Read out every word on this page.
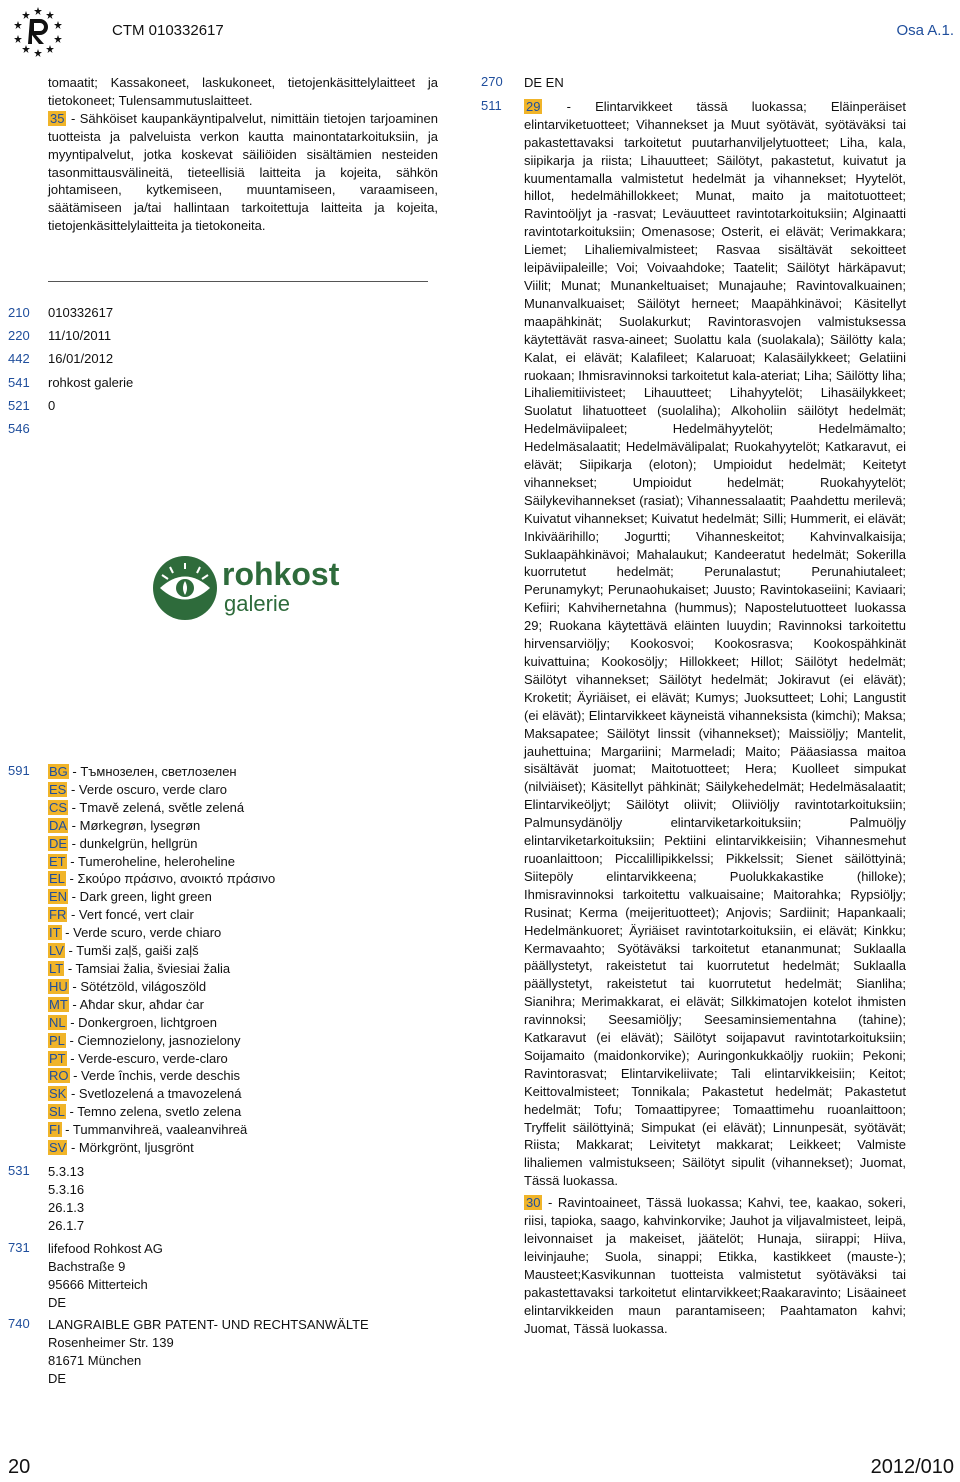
CTM 010332617	Osa A.1.

tomaatit; Kassakoneet, laskukoneet, tietojenkäsittelylaitteet ja tietokoneet; Tulensammutuslaitteet.

35 - Sähköiset kaupankäyntipalvelut, nimittäin tietojen tarjoaminen tuotteista ja palveluista verkon kautta mainontatarkoituksiin, ja myyntipalvelut, jotka koskevat säiliöiden sisältämien nesteiden tasonmittausvälineitä, tieteellisiä laitteita ja kojeita, sähkön johtamiseen, kytkemiseen, muuntamiseen, varaamiseen, säätämiseen ja/tai hallintaan tarkoitettuja laitteita ja kojeita, tietojenkäsittelylaitteita ja tietokoneita.

210 010332617
220 11/10/2011
442 16/01/2012
541 rohkost galerie
521 0
546
rohkost
galerie
591 BG - Тъмнозелен, светлозелен
ES - Verde oscuro, verde claro
CS - Tmavě zelená, světle zelená
DA - Mørkegrøn, lysegrøn
DE - dunkelgrün, hellgrün
ET - Tumeroheline, heleroheline
EL - Σκούρο πράσινο, ανοικτό πράσινο
EN - Dark green, light green
FR - Vert foncé, vert clair
IT - Verde scuro, verde chiaro
LV - Tumši zaļš, gaiši zaļš
LT - Tamsiai žalia, šviesiai žalia
HU - Sötétzöld, világoszöld
MT - Aħdar skur, aħdar ċar
NL - Donkergroen, lichtgroen
PL - Ciemnozielony, jasnozielony
PT - Verde-escuro, verde-claro
RO - Verde închis, verde deschis
SK - Svetlozelená a tmavozelená
SL - Temno zelena, svetlo zelena
FI - Tummanvihreä, vaaleanvihreä
SV - Mörkgrönt, ljusgrönt
531 5.3.13
5.3.16
26.1.3
26.1.7
731 lifefood Rohkost AG
Bachstraße 9
95666 Mitterteich
DE
740 LANGRAIBLE GBR PATENT- UND RECHTSANWÄLTE
Rosenheimer Str. 139
81671 München
DE
270
511

DE EN

29 - Elintarvikkeet tässä luokassa; Eläinperäiset elintarviketuotteet; Vihannekset ja Muut syötävät, syötäväksi tai pakastettavaksi tarkoitetut puutarhanviljelytuotteet; Liha, kala, siipikarja ja riista; Lihauutteet; Säilötyt, pakastetut, kuivatut ja kuumentamalla valmistetut hedelmät ja vihannekset; Hyytelöt, hillot, hedelmähillokkeet; Munat, maito ja maitotuotteet; Ravintoöljyt ja -rasvat; Leväuutteet ravintotarkoituksiin; Alginaatti ravintotarkoituksiin; Omenasose; Osterit, ei elävät; Verimakkara; Liemet; Lihaliemivalmisteet; Rasvaa sisältävät sekoitteet leipäviipaleille; Voi; Voivaahdoke; Taatelit; Säilötyt härkäpavut; Viilit; Munat; Munankeltuaiset; Munajauhe; Ravintovalkuainen; Munanvalkuaiset; Säilötyt herneet; Maapähkinävoi; Käsitellyt maapähkinät; Suolakurkut; Ravintorasvojen valmistuksessa käytettävät rasva-aineet; Suolattu kala (suolakala); Säilötty kala; Kalat, ei elävät; Kalafileet; Kalaruoat; Kalasäilykkeet; Gelatiini ruokaan; Ihmisravinnoksi tarkoitetut kala-ateriat; Liha; Säilötty liha; Lihaliemitiivisteet; Lihauutteet; Lihahyytelöt; Lihasäilykkeet; Suolatut lihatuotteet (suolaliha); Alkoholiin säilötyt hedelmät; Hedelmäviipaleet; Hedelmähyytelöt; Hedelmämalto; Hedelmäsalaatit; Hedelmävälipalat; Ruokahyytelöt; Katkaravut, ei elävät; Siipikarja (eloton); Umpioidut hedelmät; Keitetyt vihannekset; Umpioidut hedelmät; Ruokahyytelöt; Säilykevihannekset (rasiat); Vihannessalaatit; Paahdettu merilevä; Kuivatut vihannekset; Kuivatut hedelmät; Silli; Hummerit, ei elävät; Inkiväärihillo; Jogurtti; Vihanneskeitot; Kahvinvalkaisija; Suklaapähkinävoi; Mahalaukut; Kandeeratut hedelmät; Sokerilla kuorrutetut hedelmät; Perunalastut; Perunahiutaleet; Perunamykyt; Perunaohukaiset; Juusto; Ravintokaseiini; Kaviaari; Kefiiri; Kahvihernetahna (hummus); Napostelutuotteet luokassa 29; Ruokana käytettävä eläinten luuydin; Ravinnoksi tarkoitettu hirvensarviöljy; Kookosvoi; Kookosrasva; Kookospähkinät kuivattuina; Kookosöljy; Hillokkeet; Hillot; Säilötyt hedelmät; Säilötyt vihannekset; Säilötyt hedelmät; Jokiravut (ei elävät); Kroketit; Äyriäiset, ei elävät; Kumys; Juoksutteet; Lohi; Langustit (ei elävät); Elintarvikkeet käyneistä vihanneksista (kimchi); Maksa; Maksapatee; Säilötyt linssit (vihannekset); Maissiöljy; Mantelit, jauhettuina; Margariini; Marmeladi; Maito; Pääasiassa maitoa sisältävät juomat; Maitotuotteet; Hera; Kuolleet simpukat (nilviäiset); Käsitellyt pähkinät; Säilykehedelmät; Hedelmäsalaatit; Elintarvikeöljyt; Säilötyt oliivit; Oliiviöljy ravintotarkoituksiin; Palmunsydänöljy elintarviketarkoituksiin; Palmuöljy elintarviketarkoituksiin; Pektiini elintarvikkeisiin; Vihannesmehut ruoanlaittoon; Piccalillipikkelssi; Pikkelssit; Sienet säilöttyinä; Siitepöly elintarvikkeena; Puolukkakastike (hilloke); Ihmisravinnoksi tarkoitettu valkuaisaine; Maitorahka; Rypsiöljy; Rusinat; Kerma (meijerituotteet); Anjovis; Sardiinit; Hapankaali; Hedelmänkuoret; Äyriäiset ravintotarkoituksiin, ei elävät; Kinkku; Kermavaahto; Syötäväksi tarkoitetut etananmunat; Suklaalla päällystetyt, rakeistetut tai kuorrutetut hedelmät; Suklaalla päällystetyt, rakeistetut tai kuorrutetut hedelmät; Sianliha; Sianihra; Merimakkarat, ei elävät; Silkkimatojen kotelot ihmisten ravinnoksi; Seesamiöljy; Seesaminsiementahna (tahine); Katkaravut (ei elävät); Säilötyt soijapavut ravintotarkoituksiin; Soijamaito (maidonkorvike); Auringonkukkaöljy ruokiin; Pekoni; Ravintorasvat; Elintarvikeliivate; Tali elintarvikkeisiin; Keitot; Keittovalmisteet; Tonnikala; Pakastetut hedelmät; Pakastetut hedelmät; Tofu; Tomaattipyree; Tomaattimehu ruoanlaittoon; Tryffelit säilöttyinä; Simpukat (ei elävät); Linnunpesät, syötävät; Riista; Makkarat; Leivitetyt makkarat; Leikkeet; Valmiste lihaliemen valmistukseen; Säilötyt sipulit (vihannekset); Juomat, Tässä luokassa.

30 - Ravintoaineet, Tässä luokassa; Kahvi, tee, kaakao, sokeri, riisi, tapioka, saago, kahvinkorvike; Jauhot ja viljavalmisteet, leipä, leivonnaiset ja makeiset, jäätelöt; Hunaja, siirappi; Hiiva, leivinjauhe; Suola, sinappi; Etikka, kastikkeet (mauste-); Mausteet;Kasvikunnan tuotteista valmistetut syötäväksi tai pakastettavaksi tarkoitetut elintarvikkeet;Raakaravinto; Lisäaineet elintarvikkeiden maun parantamiseen; Paahtamaton kahvi; Juomat, Tässä luokassa.

20	2012/010
